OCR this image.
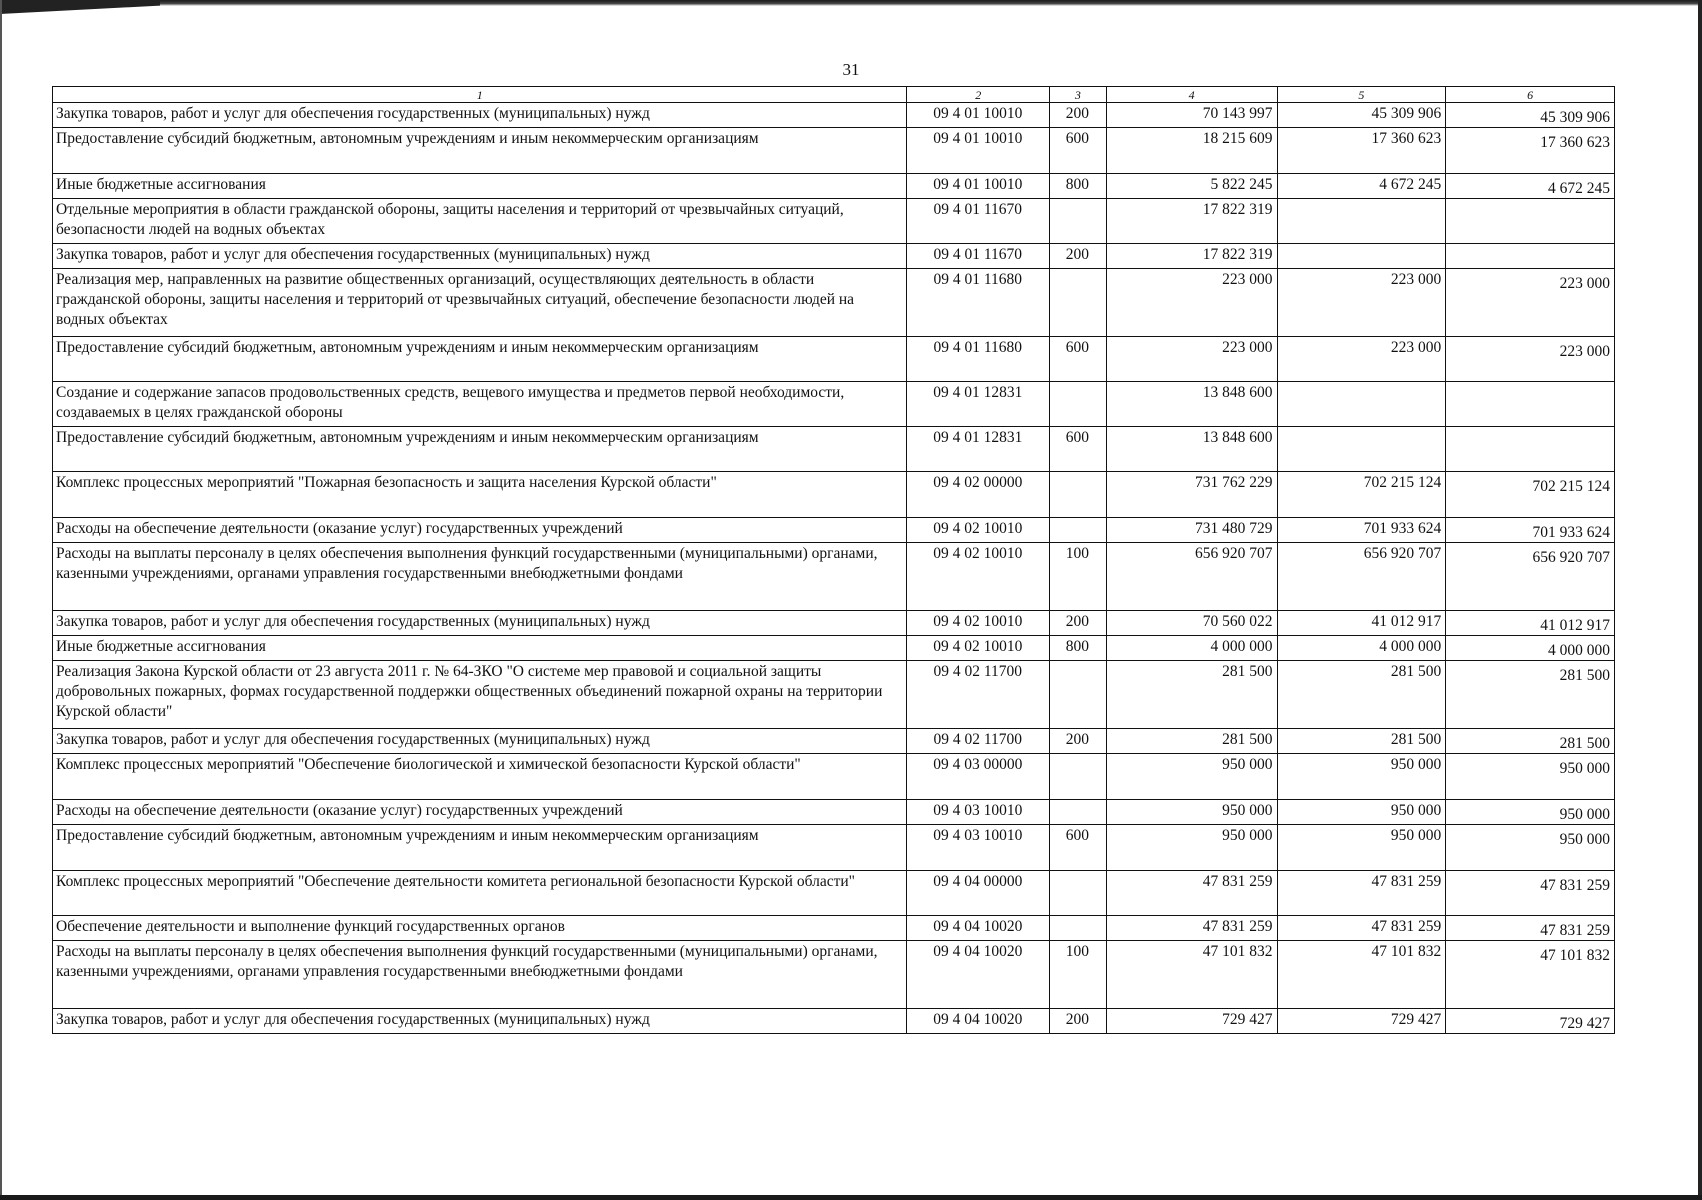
31
1	2	3	4	5	6
Закупка товаров, работ и услуг для обеспечения государственных (муниципальных) нужд	09 4 01 10010	200	70 143 997	45 309 906	45 309 906
Предоставление субсидий бюджетным, автономным учреждениям и иным некоммерческим организациям	09 4 01 10010	600	18 215 609	17 360 623	17 360 623
Иные бюджетные ассигнования	09 4 01 10010	800	5 822 245	4 672 245	4 672 245
Отдельные мероприятия в области гражданской обороны, защиты населения и территорий от чрезвычайных ситуаций, безопасности людей на водных объектах	09 4 01 11670		17 822 319		
Закупка товаров, работ и услуг для обеспечения государственных (муниципальных) нужд	09 4 01 11670	200	17 822 319		
Реализация мер, направленных на развитие общественных организаций, осуществляющих деятельность в области гражданской обороны, защиты населения и территорий от чрезвычайных ситуаций, обеспечение безопасности людей на водных объектах	09 4 01 11680		223 000	223 000	223 000
Предоставление субсидий бюджетным, автономным учреждениям и иным некоммерческим организациям	09 4 01 11680	600	223 000	223 000	223 000
Создание и содержание запасов продовольственных средств, вещевого имущества и предметов первой необходимости, создаваемых в целях гражданской обороны	09 4 01 12831		13 848 600		
Предоставление субсидий бюджетным, автономным учреждениям и иным некоммерческим организациям	09 4 01 12831	600	13 848 600		
Комплекс процессных мероприятий "Пожарная безопасность и защита населения Курской области"	09 4 02 00000		731 762 229	702 215 124	702 215 124
Расходы на обеспечение деятельности (оказание услуг) государственных учреждений	09 4 02 10010		731 480 729	701 933 624	701 933 624
Расходы на выплаты персоналу в целях обеспечения выполнения функций государственными (муниципальными) органами, казенными учреждениями, органами управления государственными внебюджетными фондами	09 4 02 10010	100	656 920 707	656 920 707	656 920 707
Закупка товаров, работ и услуг для обеспечения государственных (муниципальных) нужд	09 4 02 10010	200	70 560 022	41 012 917	41 012 917
Иные бюджетные ассигнования	09 4 02 10010	800	4 000 000	4 000 000	4 000 000
Реализация Закона Курской области от 23 августа 2011 г. № 64-ЗКО "О системе мер правовой и социальной защиты добровольных пожарных, формах государственной поддержки общественных объединений пожарной охраны на территории Курской области"	09 4 02 11700		281 500	281 500	281 500
Закупка товаров, работ и услуг для обеспечения государственных (муниципальных) нужд	09 4 02 11700	200	281 500	281 500	281 500
Комплекс процессных мероприятий "Обеспечение биологической и химической безопасности Курской области"	09 4 03 00000		950 000	950 000	950 000
Расходы на обеспечение деятельности (оказание услуг) государственных учреждений	09 4 03 10010		950 000	950 000	950 000
Предоставление субсидий бюджетным, автономным учреждениям и иным некоммерческим организациям	09 4 03 10010	600	950 000	950 000	950 000
Комплекс процессных мероприятий "Обеспечение деятельности комитета региональной безопасности Курской области"	09 4 04 00000		47 831 259	47 831 259	47 831 259
Обеспечение деятельности и выполнение функций государственных органов	09 4 04 10020		47 831 259	47 831 259	47 831 259
Расходы на выплаты персоналу в целях обеспечения выполнения функций государственными (муниципальными) органами, казенными учреждениями, органами управления государственными внебюджетными фондами	09 4 04 10020	100	47 101 832	47 101 832	47 101 832
Закупка товаров, работ и услуг для обеспечения государственных (муниципальных) нужд	09 4 04 10020	200	729 427	729 427	729 427
